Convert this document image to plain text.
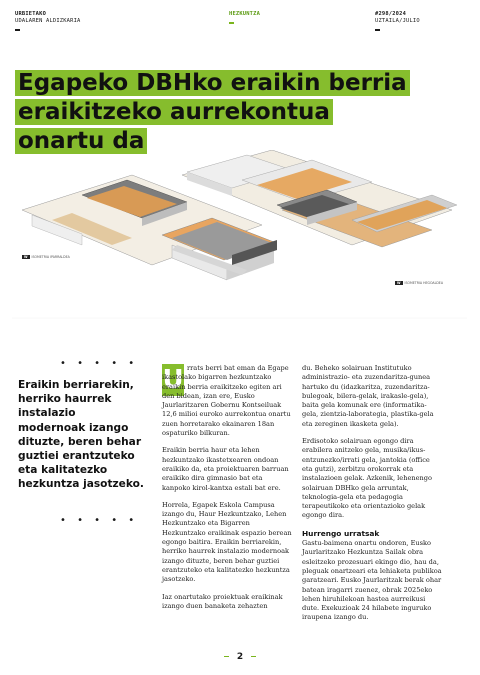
URBIETAKO
UDALAREN ALDIZKARIA
HEZKUNTZA	#298/2024
UZTAILA/JULIO
Egapeko DBHko eraikin berria
eraikitzeko aurrekontua
onartu da
W ISOMETRIA IPARRALDEA
W ISOMETRIA HEGOALDEA
• • • • •
Eraikin berriarekin, herriko haurrek instalazio modernoak izango dituzte, beren behar guztiei erantzuteko eta kalitatezko hezkuntza jasotzeko.
• • • • •
U rrats berri bat eman da Egape ikastolako bigarren hezkuntzako eraikin berria eraikitzeko egiten ari den bidean, izan ere, Eusko Jaurlaritzaren Gobernu Kontseiluak 12,6 milioi euroko aurrekontua onartu zuen horretarako ekainaren 18an ospaturiko bilkuran.

Eraikin berria haur eta lehen hezkuntzako ikastetxearen ondoan eraikiko da, eta proiektuaren barruan eraikiko dira gimnasio bat eta kanpoko kirol-kantxa estali bat ere.

Horrela, Egapek Eskola Campusa izango du, Haur Hezkuntzako, Lehen Hezkuntzako eta Bigarren Hezkuntzako eraikinak espazio berean egongo baitira. Eraikin berriarekin, herriko haurrek instalazio modernoak izango dituzte, beren behar guztiei erantzuteko eta kalitatezko hezkuntza jasotzeko.

Iaz onartutako proiektuak eraikinak izango duen banaketa zehazten

du. Beheko solairuan Institutuko administrazio- eta zuzendaritza-gunea hartuko du (idazkaritza, zuzendaritza-bulegoak, bilera-gelak, irakasle-gela), baita gela komunak ere (informatika-gela, zientzia-laborategia, plastika-gela eta zereginen ikasketa gela).

Erdisotoko solairuan egongo dira erabilera anitzeko gela, musika/ikus-entzunezko/irrati gela, jantokia (office eta gutzi), zerbitzu orokorrak eta instalazioen gelak. Azkenik, lehenengo solairuan DBHko gela arruntak, teknologia-gela eta pedagogia terapeutikoko eta orientazioko gelak egongo dira.

Hurrengo urratsak

Gastu-baimena onartu ondoren, Eusko Jaurlaritzako Hezkuntza Sailak obra esleitzeko prozesuari ekingo dio, hau da, pleguak onartzeari eta lehiaketa publikoa garatzeari. Eusko Jaurlaritzak berak ohar batean iragarri zuenez, obrak 2025eko lehen hiruhilekoan hastea aurreikusi dute. Exekuzioak 24 hilabete inguruko iraupena izango du.

2
